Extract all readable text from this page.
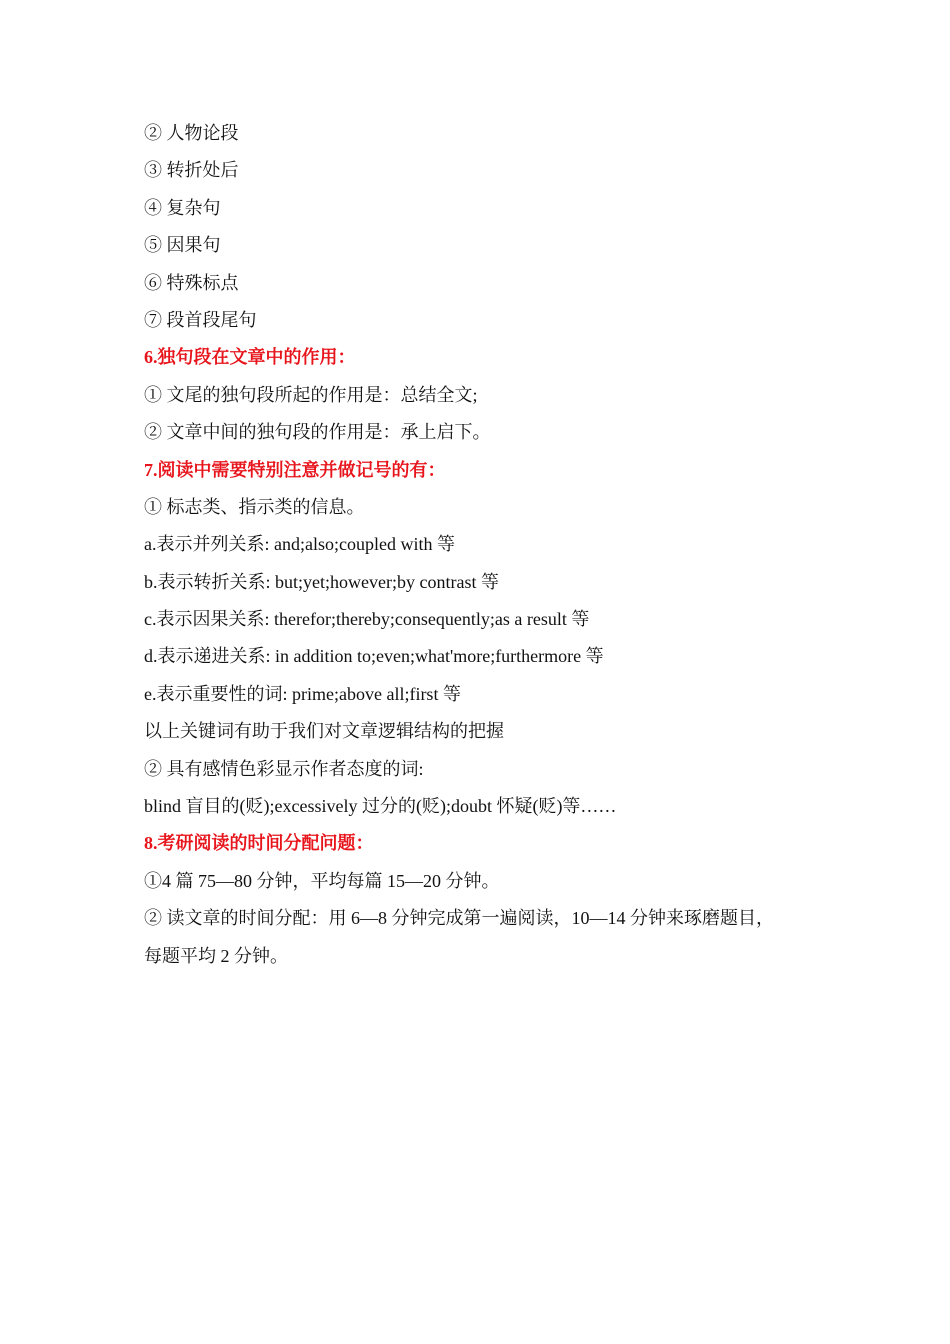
② 人物论段
③ 转折处后
④ 复杂句
⑤ 因果句
⑥ 特殊标点
⑦ 段首段尾句
6.独句段在文章中的作用：
① 文尾的独句段所起的作用是：总结全文;
② 文章中间的独句段的作用是：承上启下。
7.阅读中需要特别注意并做记号的有：
① 标志类、指示类的信息。
a.表示并列关系: and;also;coupled with 等
b.表示转折关系: but;yet;however;by contrast 等
c.表示因果关系: therefor;thereby;consequently;as a result 等
d.表示递进关系: in addition to;even;what'more;furthermore 等
e.表示重要性的词: prime;above all;first 等
以上关键词有助于我们对文章逻辑结构的把握
② 具有感情色彩显示作者态度的词:
blind 盲目的(贬);excessively 过分的(贬);doubt 怀疑(贬)等……
8.考研阅读的时间分配问题：
①4 篇 75—80 分钟，平均每篇 15—20 分钟。
② 读文章的时间分配：用 6—8 分钟完成第一遍阅读，10—14 分钟来琢磨题目，
每题平均 2 分钟。
